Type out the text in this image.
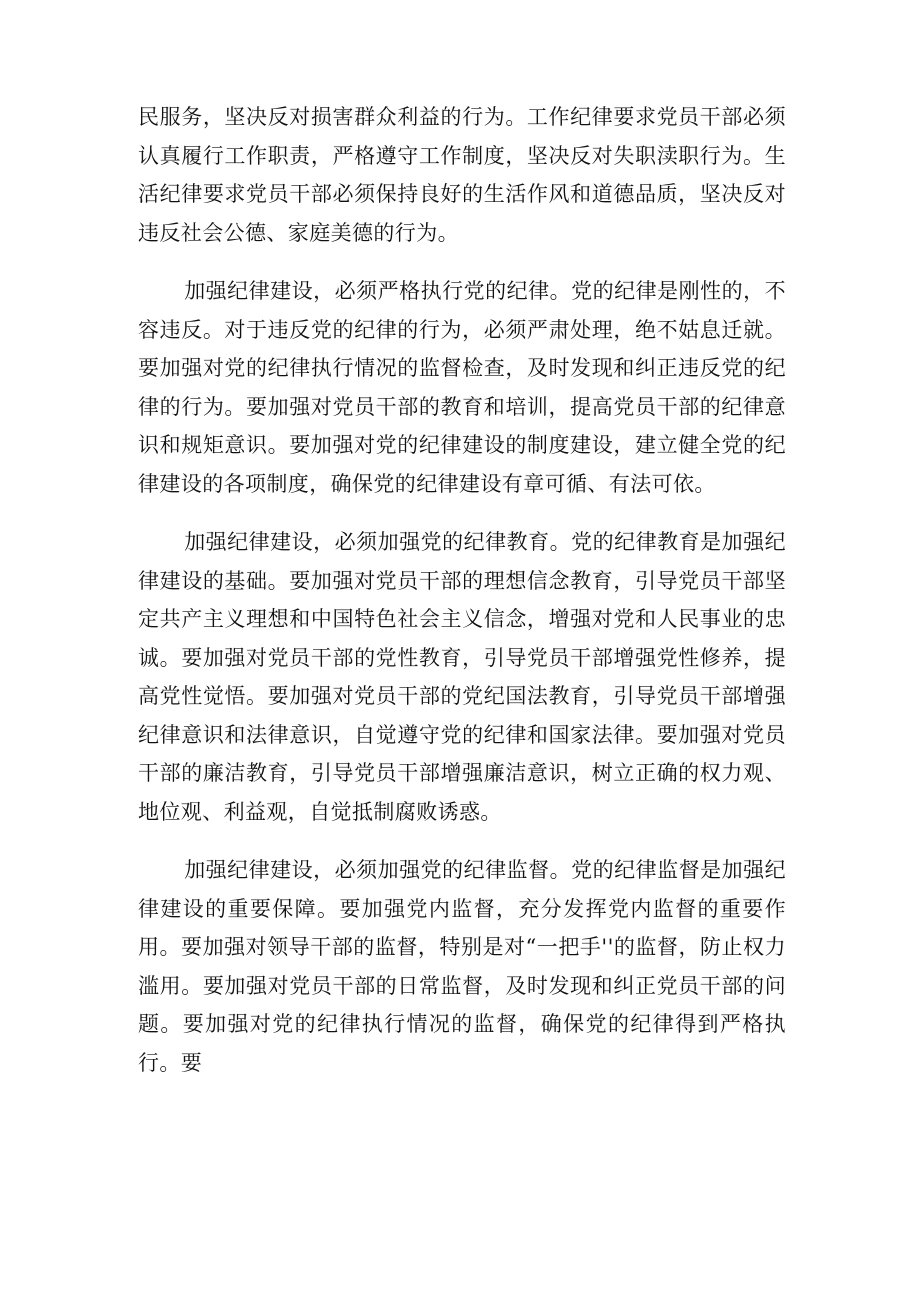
民服务，坚决反对损害群众利益的行为。工作纪律要求党员干部必须认真履行工作职责，严格遵守工作制度，坚决反对失职渎职行为。生活纪律要求党员干部必须保持良好的生活作风和道德品质，坚决反对违反社会公德、家庭美德的行为。

加强纪律建设，必须严格执行党的纪律。党的纪律是刚性的，不容违反。对于违反党的纪律的行为，必须严肃处理，绝不姑息迁就。要加强对党的纪律执行情况的监督检查，及时发现和纠正违反党的纪律的行为。要加强对党员干部的教育和培训，提高党员干部的纪律意识和规矩意识。要加强对党的纪律建设的制度建设，建立健全党的纪律建设的各项制度，确保党的纪律建设有章可循、有法可依。

加强纪律建设，必须加强党的纪律教育。党的纪律教育是加强纪律建设的基础。要加强对党员干部的理想信念教育，引导党员干部坚定共产主义理想和中国特色社会主义信念，增强对党和人民事业的忠诚。要加强对党员干部的党性教育，引导党员干部增强党性修养，提高党性觉悟。要加强对党员干部的党纪国法教育，引导党员干部增强纪律意识和法律意识，自觉遵守党的纪律和国家法律。要加强对党员干部的廉洁教育，引导党员干部增强廉洁意识，树立正确的权力观、地位观、利益观，自觉抵制腐败诱惑。

加强纪律建设，必须加强党的纪律监督。党的纪律监督是加强纪律建设的重要保障。要加强党内监督，充分发挥党内监督的重要作用。要加强对领导干部的监督，特别是对“一把手''的监督，防止权力滥用。要加强对党员干部的日常监督，及时发现和纠正党员干部的问题。要加强对党的纪律执行情况的监督，确保党的纪律得到严格执行。要
